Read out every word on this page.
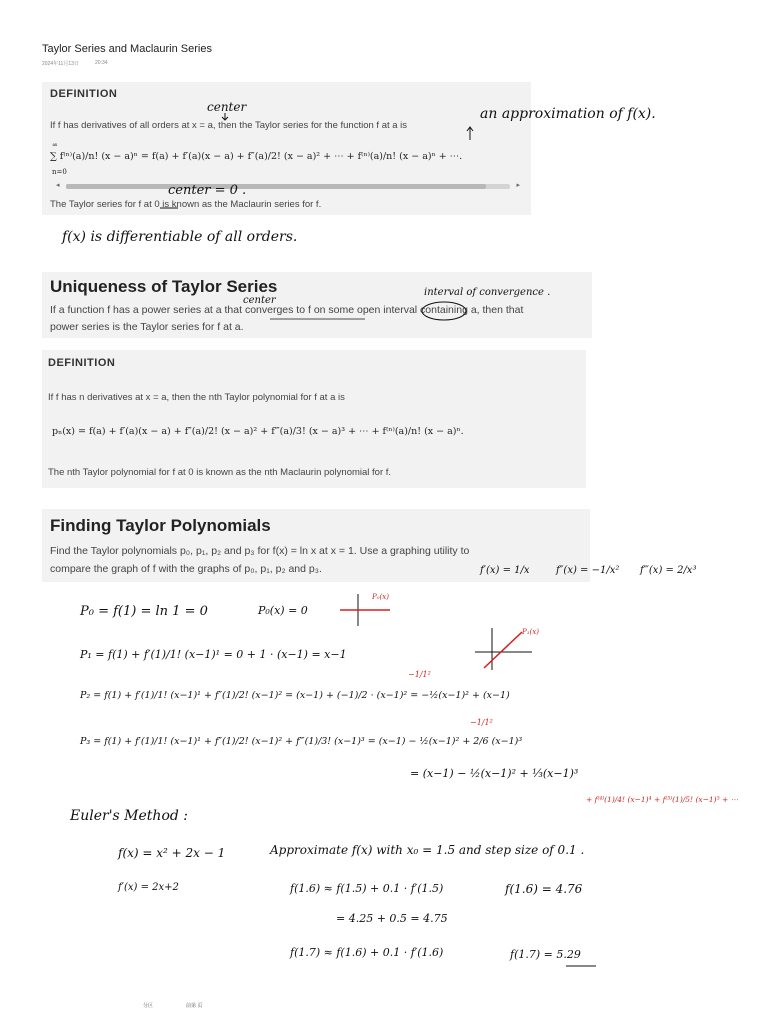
Taylor Series and Maclaurin Series
2024年11月13日	20:34
DEFINITION
If f has derivatives of all orders at x = a, then the Taylor series for the function f at a is
∞
n=0
∑ f⁽ⁿ⁾(a)/n! (x − a)ⁿ = f(a) + f′(a)(x − a) + f″(a)/2! (x − a)² + ⋯ + f⁽ⁿ⁾(a)/n! (x − a)ⁿ + ⋯.
◂	▸
The Taylor series for f at 0 is known as the Maclaurin series for f.
center	an approximation of f(x).
center = 0 .
f(x) is differentiable of all orders.
Uniqueness of Taylor Series
If a function f has a power series at a that converges to f on some open interval containing a, then that
power series is the Taylor series for f at a.
interval of convergence .
center
DEFINITION
If f has n derivatives at x = a, then the nth Taylor polynomial for f at a is
pₙ(x) = f(a) + f′(a)(x − a) + f″(a)/2! (x − a)² + f‴(a)/3! (x − a)³ + ⋯ + f⁽ⁿ⁾(a)/n! (x − a)ⁿ.
The nth Taylor polynomial for f at 0 is known as the nth Maclaurin polynomial for f.
Finding Taylor Polynomials
Find the Taylor polynomials p₀, p₁, p₂ and p₃ for f(x) = ln x at x = 1. Use a graphing utility to
compare the graph of f with the graphs of p₀, p₁, p₂ and p₃.	f′(x) = 1/x	f″(x) = −1/x² f‴(x) = 2/x³
P₀ = f(1) = ln 1 = 0	P₀(x) = 0
P₁ = f(1) + f′(1)/1! (x−1)¹ = 0 + 1 · (x−1) = x−1
P₂ = f(1) + f′(1)/1! (x−1)¹ + f″(1)/2! (x−1)² = (x−1) + (−1)/2 · (x−1)² = −½(x−1)² + (x−1)
P₃ = f(1) + f′(1)/1! (x−1)¹ + f″(1)/2! (x−1)² + f‴(1)/3! (x−1)³ = (x−1) − ½(x−1)² + 2/6 (x−1)³
= (x−1) − ½(x−1)² + ⅓(x−1)³
−1/1²
−1/1²
+ f⁽⁴⁾(1)/4! (x−1)⁴ + f⁽⁵⁾(1)/5! (x−1)⁵ + ⋯
P₀(x)
P₁(x)
Euler's Method :
f(x) = x² + 2x − 1
f′(x) = 2x+2
Approximate f(x) with x₀ = 1.5 and step size of 0.1 .
f(1.6) ≈ f(1.5) + 0.1 · f′(1.5)	f(1.6) = 4.76
= 4.25 + 0.5 = 4.75
f(1.7) ≈ f(1.6) + 0.1 · f′(1.6)	f(1.7) = 5.29
分区	前第 页
